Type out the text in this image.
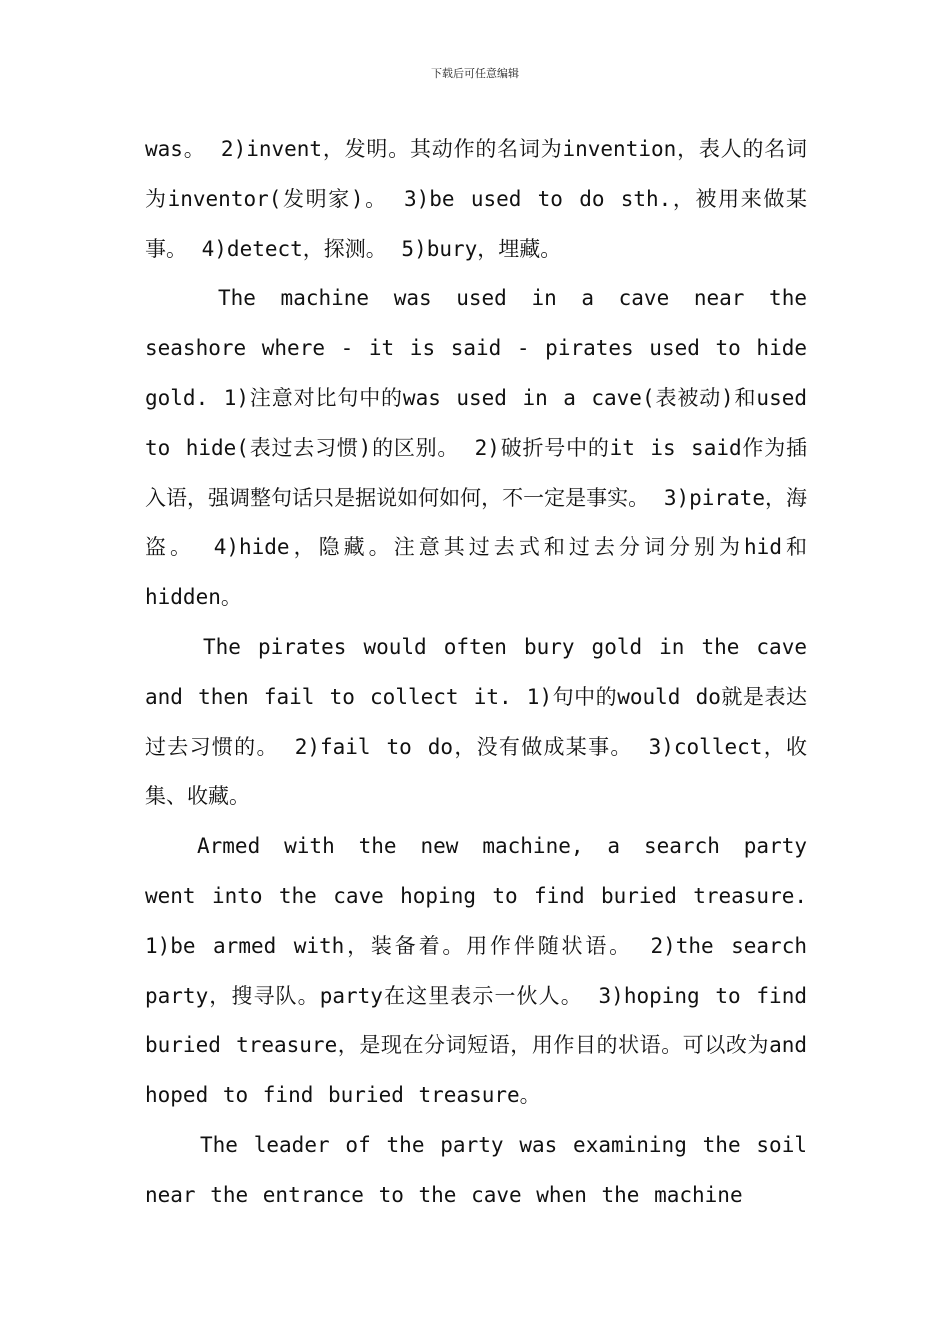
下载后可任意编辑

was。 2)invent，发明。其动作的名词为invention，表人的名词为inventor(发明家)。 3)be used to do sth.，被用来做某事。 4)detect，探测。 5)bury，埋藏。

The machine was used in a cave near the seashore where - it is said - pirates used to hide gold. 1)注意对比句中的was used in a cave(表被动)和used to hide(表过去习惯)的区别。 2)破折号中的it is said作为插入语，强调整句话只是据说如何如何，不一定是事实。 3)pirate，海盗。 4)hide，隐藏。注意其过去式和过去分词分别为hid和hidden。

The pirates would often bury gold in the cave and then fail to collect it. 1)句中的would do就是表达过去习惯的。 2)fail to do，没有做成某事。 3)collect，收集、收藏。

Armed with the new machine, a search party went into the cave hoping to find buried treasure. 1)be armed with，装备着。用作伴随状语。 2)the search party，搜寻队。party在这里表示一伙人。 3)hoping to find buried treasure，是现在分词短语，用作目的状语。可以改为and hoped to find buried treasure。

The leader of the party was examining the soil near the entrance to the cave when the machine
